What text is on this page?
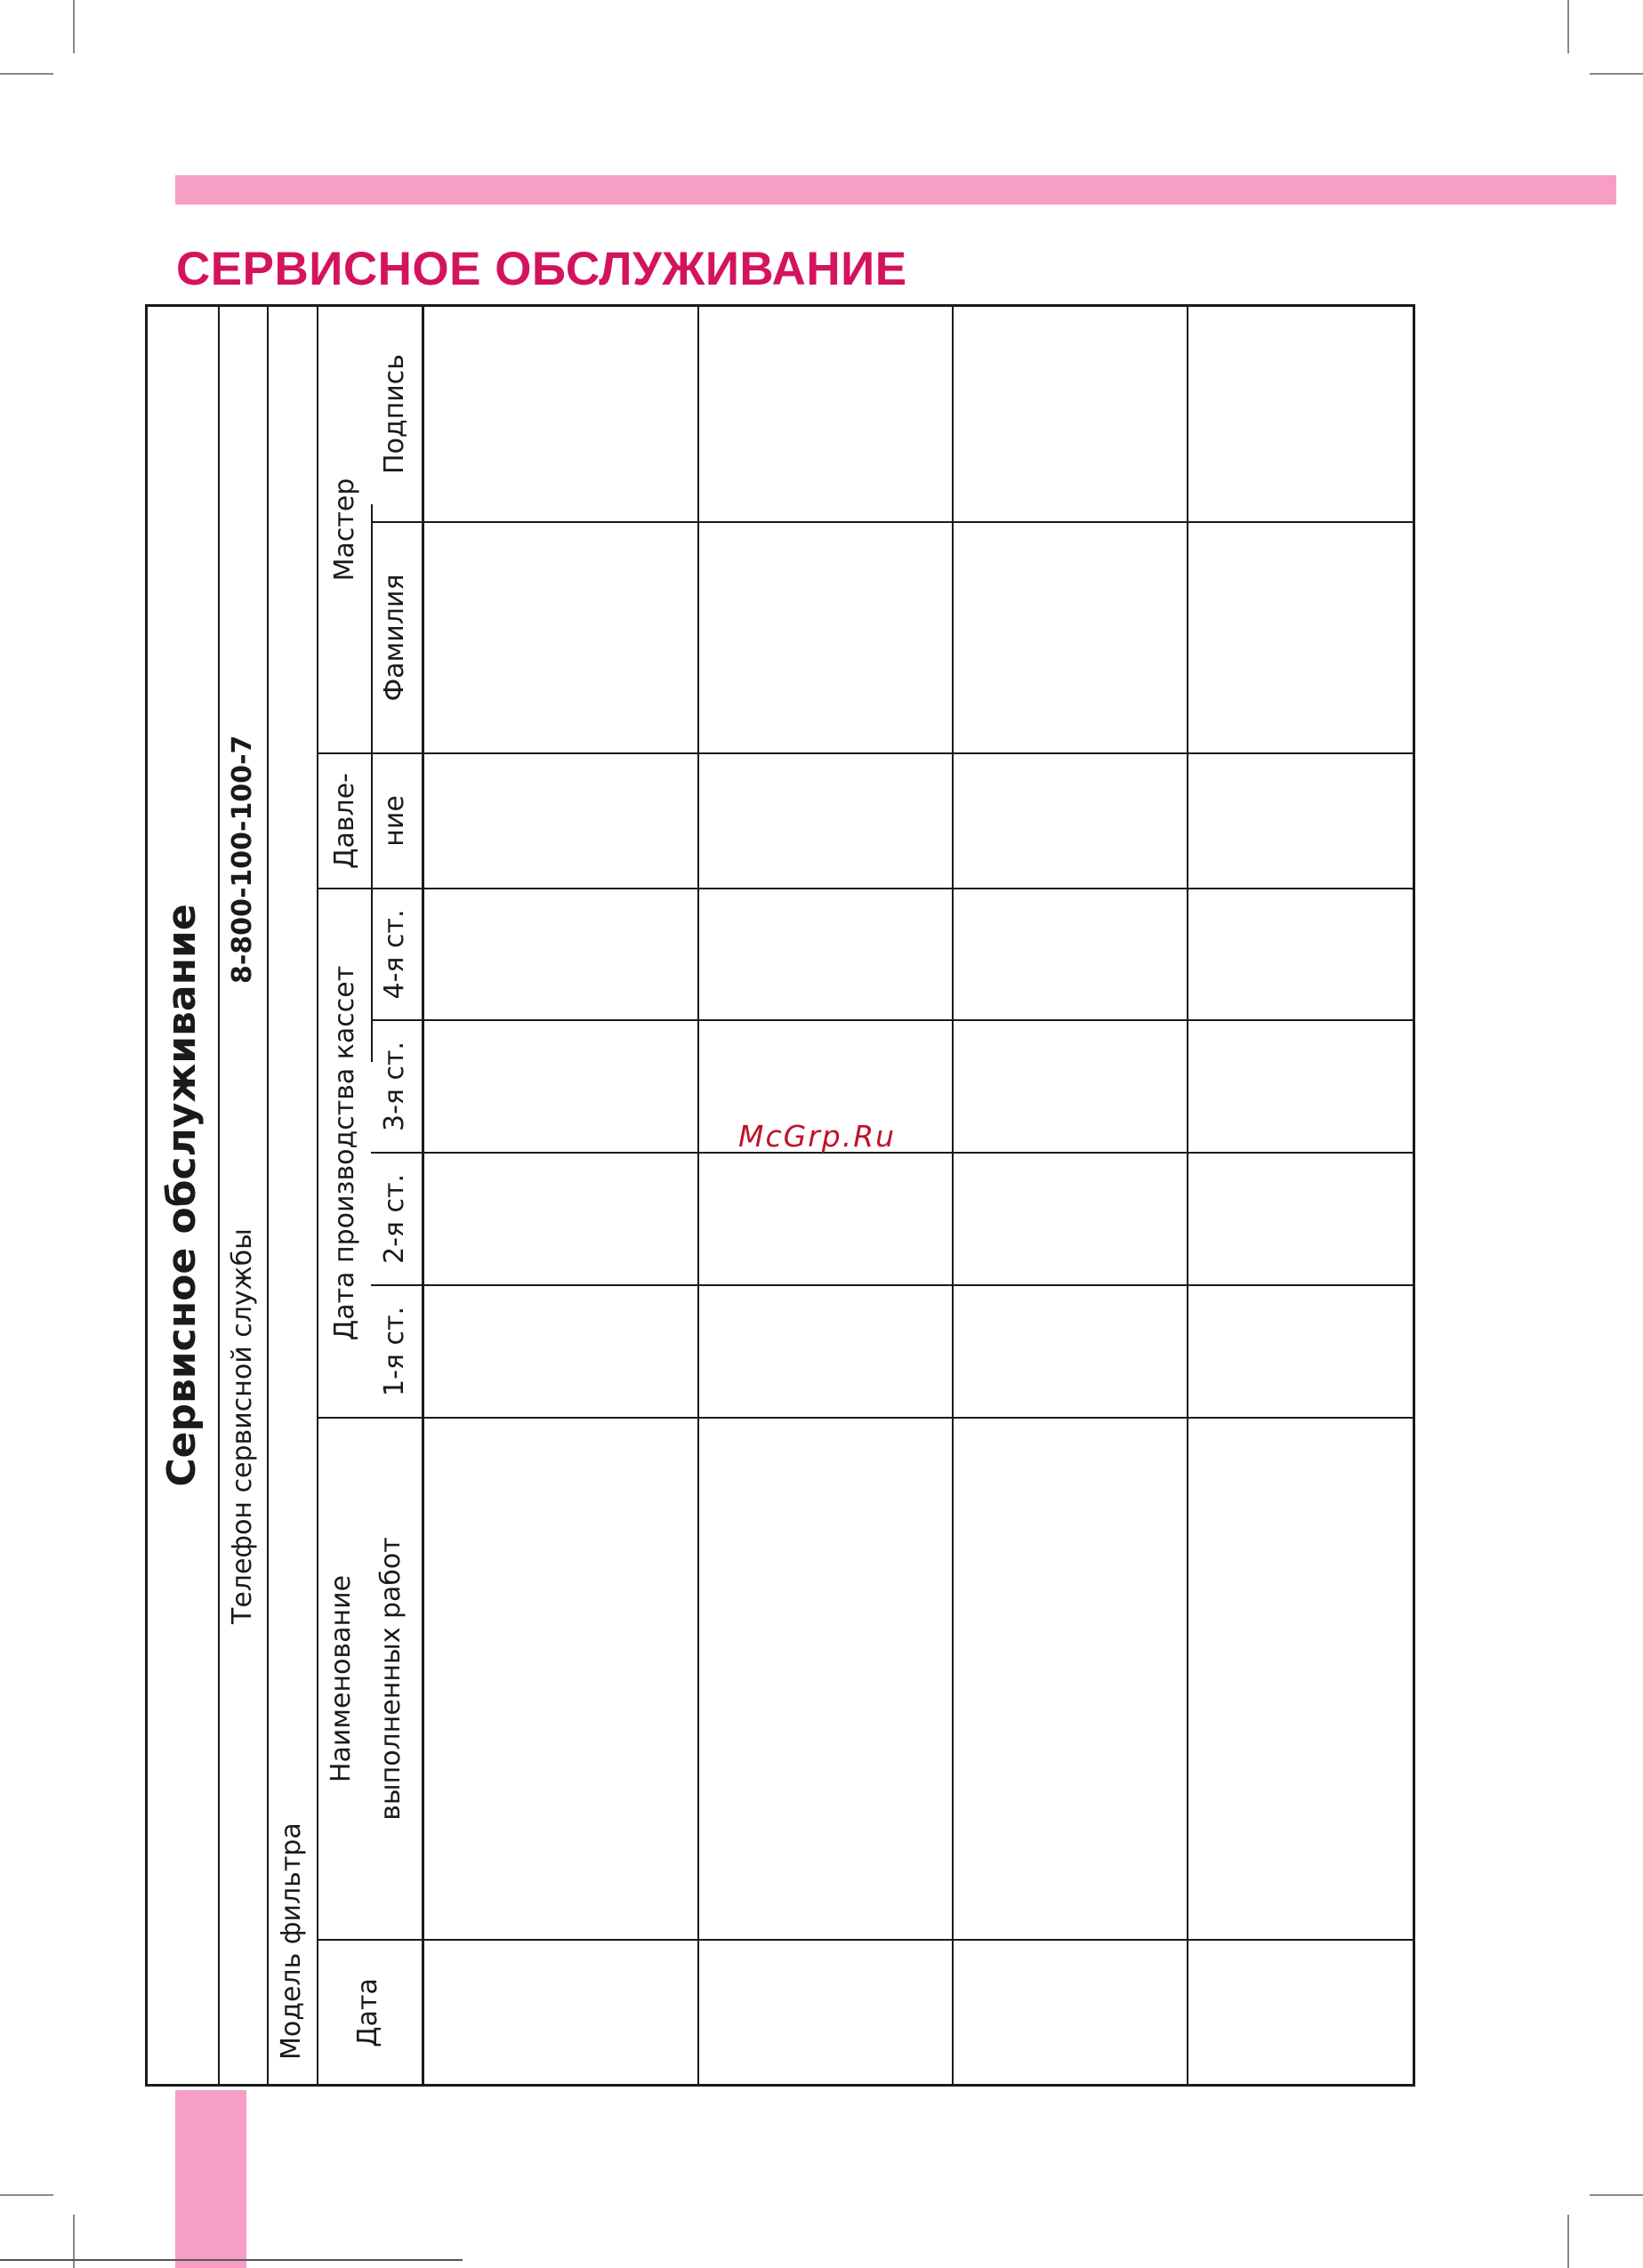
СЕРВИСНОЕ ОБСЛУЖИВАНИЕ
Сервисное обслуживание Телефон сервисной службы
8-800-100-100-7
Модель фильтра Дата
Наименование выполненных работ
Дата производства кассет
1-я ст.
2-я ст.
3-я ст.
4-я ст.
Давле- ние
Мастер
Фамилия
Подпись
McGrp.Ru
